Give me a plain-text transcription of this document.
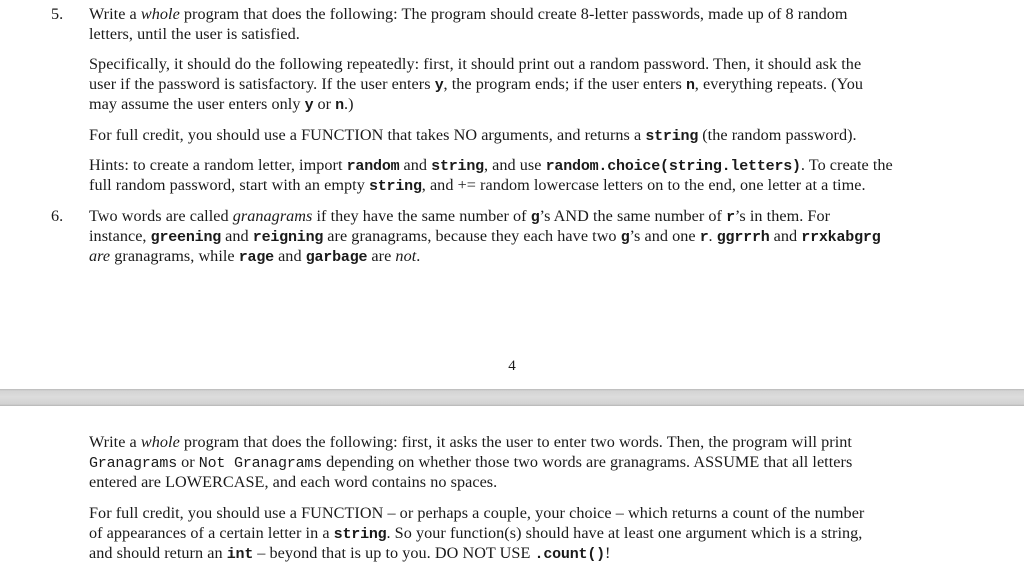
5. Write a whole program that does the following: The program should create 8-letter passwords, made up of 8 random
letters, until the user is satisfied.
Specifically, it should do the following repeatedly: first, it should print out a random password. Then, it should ask the
user if the password is satisfactory. If the user enters y, the program ends; if the user enters n, everything repeats. (You
may assume the user enters only y or n.)
For full credit, you should use a FUNCTION that takes NO arguments, and returns a string (the random password).
Hints: to create a random letter, import random and string, and use random.choice(string.letters). To create the
full random password, start with an empty string, and += random lowercase letters on to the end, one letter at a time.
6. Two words are called granagrams if they have the same number of g’s AND the same number of r’s in them. For
instance, greening and reigning are granagrams, because they each have two g’s and one r. ggrrrh and rrxkabgrg
are granagrams, while rage and garbage are not.
4
Write a whole program that does the following: first, it asks the user to enter two words. Then, the program will print
Granagrams or Not Granagrams depending on whether those two words are granagrams. ASSUME that all letters
entered are LOWERCASE, and each word contains no spaces.
For full credit, you should use a FUNCTION – or perhaps a couple, your choice – which returns a count of the number
of appearances of a certain letter in a string. So your function(s) should have at least one argument which is a string,
and should return an int – beyond that is up to you. DO NOT USE .count()!
